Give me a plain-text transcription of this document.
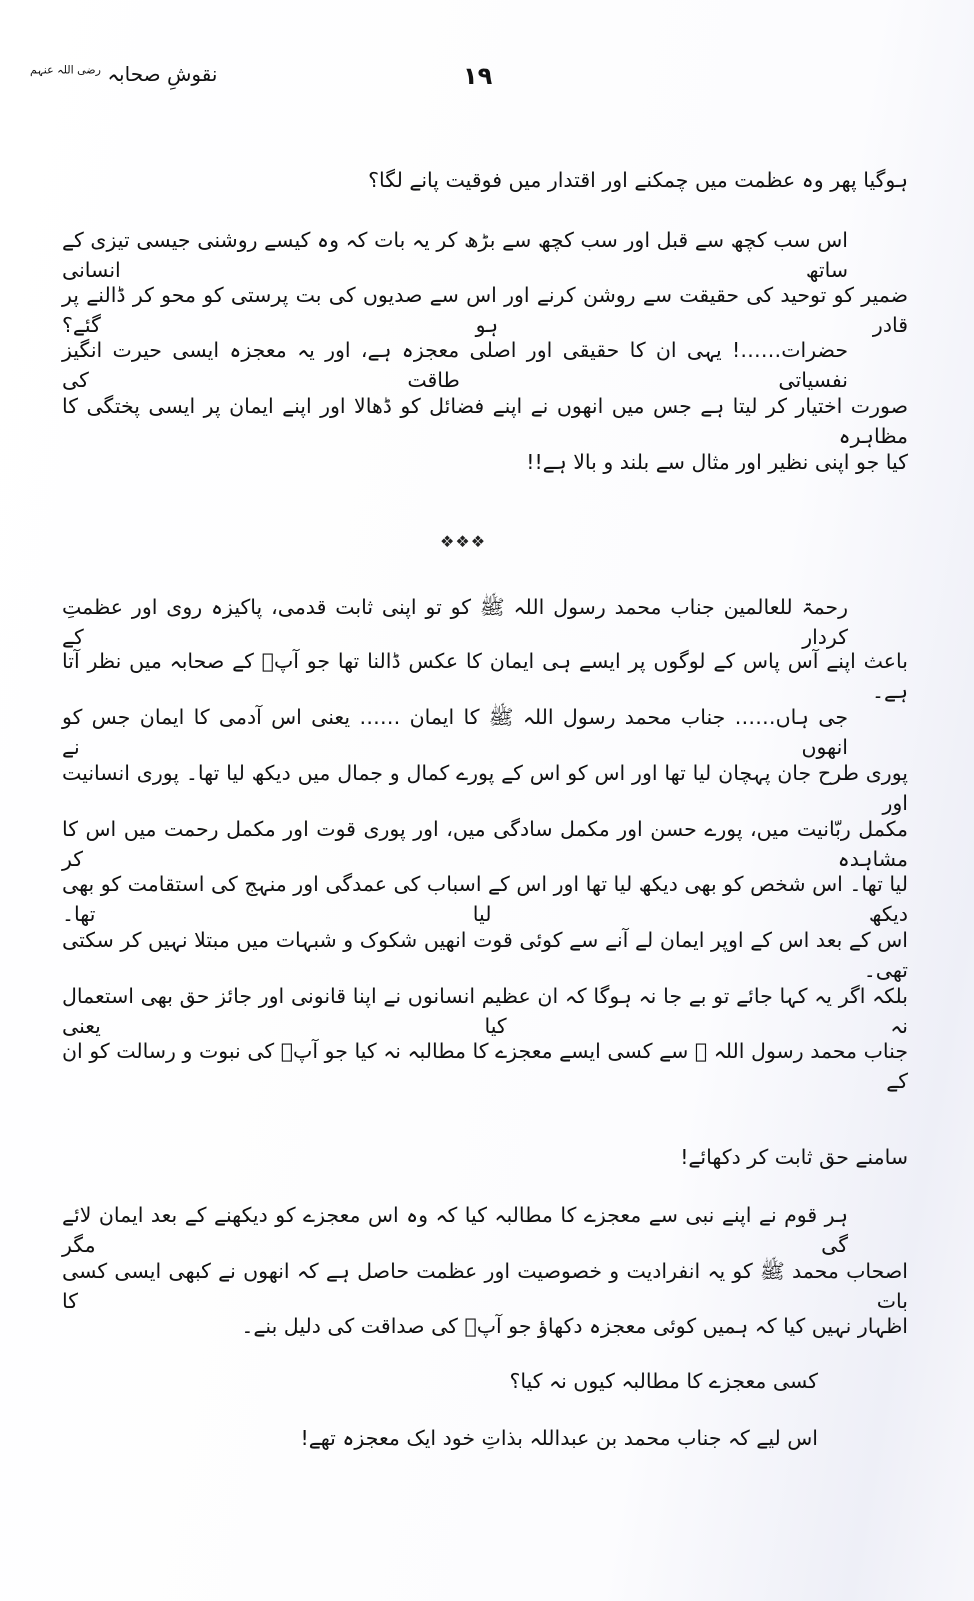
نقوشِ صحابہ $^{رضی اللہ عنہم}$	۱۹
ہوگیا پھر وہ عظمت میں چمکنے اور اقتدار میں فوقیت پانے لگا؟
اس سب کچھ سے قبل اور سب کچھ سے بڑھ کر یہ بات کہ وہ کیسے روشنی جیسی تیزی کے ساتھ انسانی
ضمیر کو توحید کی حقیقت سے روشن کرنے اور اس سے صدیوں کی بت پرستی کو محو کر ڈالنے پر قادر ہو گئے؟
حضرات……! یہی ان کا حقیقی اور اصلی معجزہ ہے، اور یہ معجزہ ایسی حیرت انگیز نفسیاتی طاقت کی
صورت اختیار کر لیتا ہے جس میں انھوں نے اپنے فضائل کو ڈھالا اور اپنے ایمان پر ایسی پختگی کا مظاہرہ
کیا جو اپنی نظیر اور مثال سے بلند و بالا ہے!!
❖❖❖
رحمۃ للعالمین جناب محمد رسول اللہ ﷺ کو تو اپنی ثابت قدمی، پاکیزہ روی اور عظمتِ کردار کے
باعث اپنے آس پاس کے لوگوں پر ایسے ہی ایمان کا عکس ڈالنا تھا جو آپؐ کے صحابہ میں نظر آتا ہے۔
جی ہاں…… جناب محمد رسول اللہ ﷺ کا ایمان …… یعنی اس آدمی کا ایمان جس کو انھوں نے
پوری طرح جان پہچان لیا تھا اور اس کو اس کے پورے کمال و جمال میں دیکھ لیا تھا۔ پوری انسانیت اور
مکمل ربّانیت میں، پورے حسن اور مکمل سادگی میں، اور پوری قوت اور مکمل رحمت میں اس کا مشاہدہ کر
لیا تھا۔ اس شخص کو بھی دیکھ لیا تھا اور اس کے اسباب کی عمدگی اور منہج کی استقامت کو بھی دیکھ لیا تھا۔
اس کے بعد اس کے اوپر ایمان لے آنے سے کوئی قوت انھیں شکوک و شبہات میں مبتلا نہیں کر سکتی تھی۔
بلکہ اگر یہ کہا جائے تو بے جا نہ ہوگا کہ ان عظیم انسانوں نے اپنا قانونی اور جائز حق بھی استعمال نہ کیا یعنی
جناب محمد رسول اللہ ﷺ سے کسی ایسے معجزے کا مطالبہ نہ کیا جو آپؐ کی نبوت و رسالت کو ان کے
سامنے حق ثابت کر دکھائے!
ہر قوم نے اپنے نبی سے معجزے کا مطالبہ کیا کہ وہ اس معجزے کو دیکھنے کے بعد ایمان لائے گی مگر
اصحاب محمد ﷺ کو یہ انفرادیت و خصوصیت اور عظمت حاصل ہے کہ انھوں نے کبھی ایسی کسی بات کا
اظہار نہیں کیا کہ ہمیں کوئی معجزہ دکھاؤ جو آپؐ کی صداقت کی دلیل بنے۔
کسی معجزے کا مطالبہ کیوں نہ کیا؟
اس لیے کہ جناب محمد بن عبداللہ بذاتِ خود ایک معجزہ تھے!
